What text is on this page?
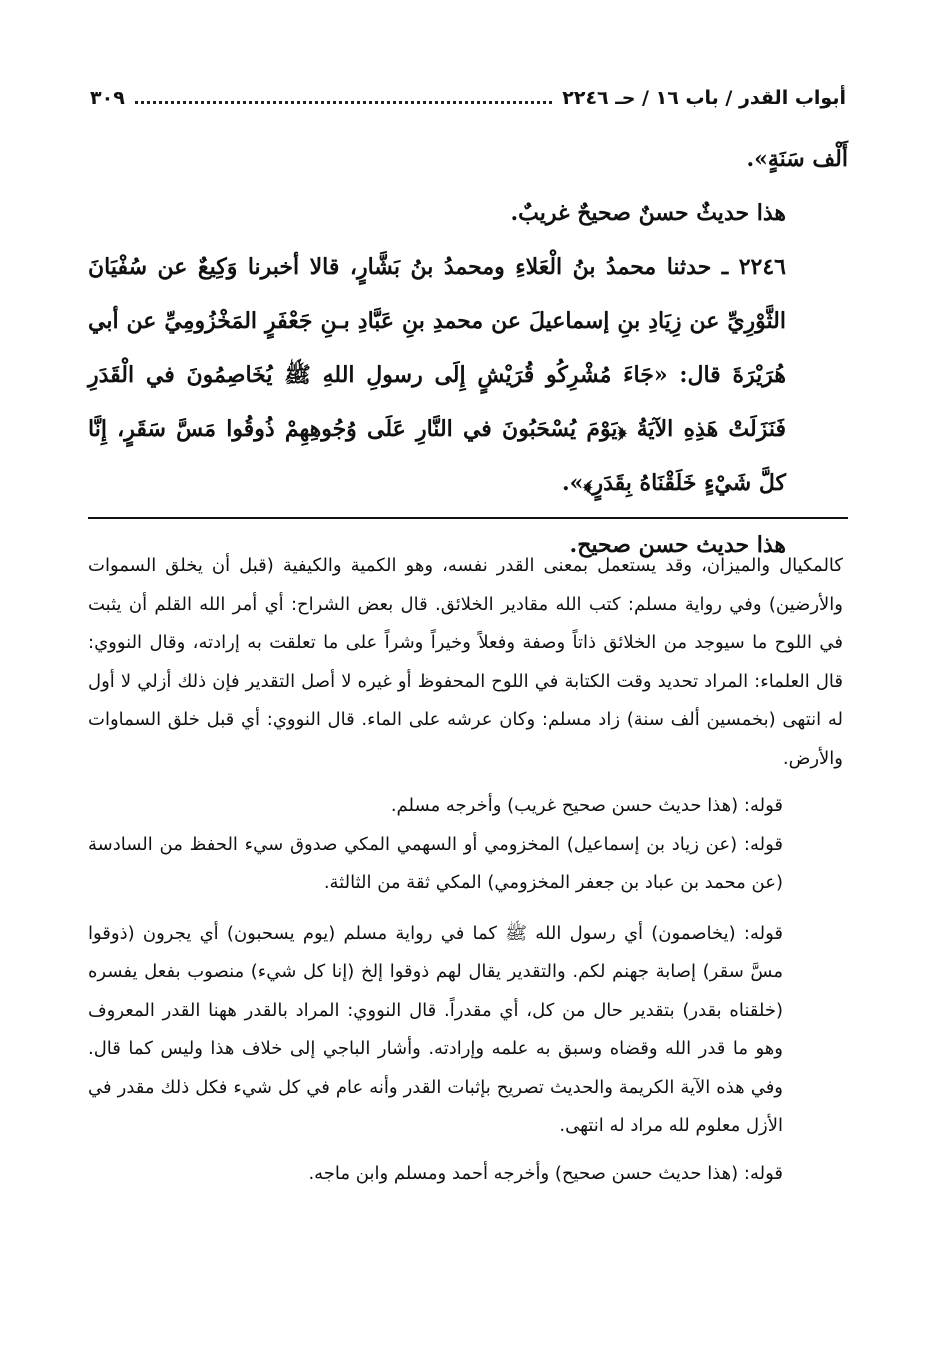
أبواب القدر / باب ١٦ / حـ ٢٢٤٦
٣٠٩

أَلْف سَنَةٍ».

هذا حديثٌ حسنٌ صحيحٌ غريبٌ.

٢٢٤٦ ـ حدثنا محمدُ بنُ الْعَلاءِ ومحمدُ بنُ بَشَّارٍ، قالا أخبرنا وَكِيعٌ عن سُفْيَانَ الثَّوْرِيِّ عن زِيَادِ بنِ إسماعيلَ عن محمدِ بنِ عَبَّادِ بـنِ جَعْفَرٍ المَخْزُومِيِّ عن أبي هُرَيْرَةَ قال: «جَاءَ مُشْرِكُو قُرَيْشٍ إِلَى رسولِ اللهِ ﷺ يُخَاصِمُونَ في الْقَدَرِ فَنَزَلَتْ هَذِهِ الآيَةُ ﴿يَوْمَ يُسْحَبُونَ في النَّارِ عَلَى وُجُوهِهِمْ ذُوقُوا مَسَّ سَقَرٍ، إِنَّا كلَّ شَيْءٍ خَلَقْنَاهُ بِقَدَرٍ﴾».

هذا حديث حسن صحيح.

كالمكيال والميزان، وقد يستعمل بمعنى القدر نفسه، وهو الكمية والكيفية (قبل أن يخلق السموات والأرضين) وفي رواية مسلم: كتب الله مقادير الخلائق. قال بعض الشراح: أي أمر الله القلم أن يثبت في اللوح ما سيوجد من الخلائق ذاتاً وصفة وفعلاً وخيراً وشراً على ما تعلقت به إرادته، وقال النووي: قال العلماء: المراد تحديد وقت الكتابة في اللوح المحفوظ أو غيره لا أصل التقدير فإن ذلك أزلي لا أول له انتهى (بخمسين ألف سنة) زاد مسلم: وكان عرشه على الماء. قال النووي: أي قبل خلق السماوات والأرض.

قوله: (هذا حديث حسن صحيح غريب) وأخرجه مسلم.

قوله: (عن زياد بن إسماعيل) المخزومي أو السهمي المكي صدوق سيء الحفظ من السادسة (عن محمد بن عباد بن جعفر المخزومي) المكي ثقة من الثالثة.

قوله: (يخاصمون) أي رسول الله ﷺ كما في رواية مسلم (يوم يسحبون) أي يجرون (ذوقوا مسَّ سقر) إصابة جهنم لكم. والتقدير يقال لهم ذوقوا إلخ (إنا كل شيء) منصوب بفعل يفسره (خلقناه بقدر) بتقدير حال من كل، أي مقدراً. قال النووي: المراد بالقدر ههنا القدر المعروف وهو ما قدر الله وقضاه وسبق به علمه وإرادته. وأشار الباجي إلى خلاف هذا وليس كما قال. وفي هذه الآية الكريمة والحديث تصريح بإثبات القدر وأنه عام في كل شيء فكل ذلك مقدر في الأزل معلوم لله مراد له انتهى.

قوله: (هذا حديث حسن صحيح) وأخرجه أحمد ومسلم وابن ماجه.
